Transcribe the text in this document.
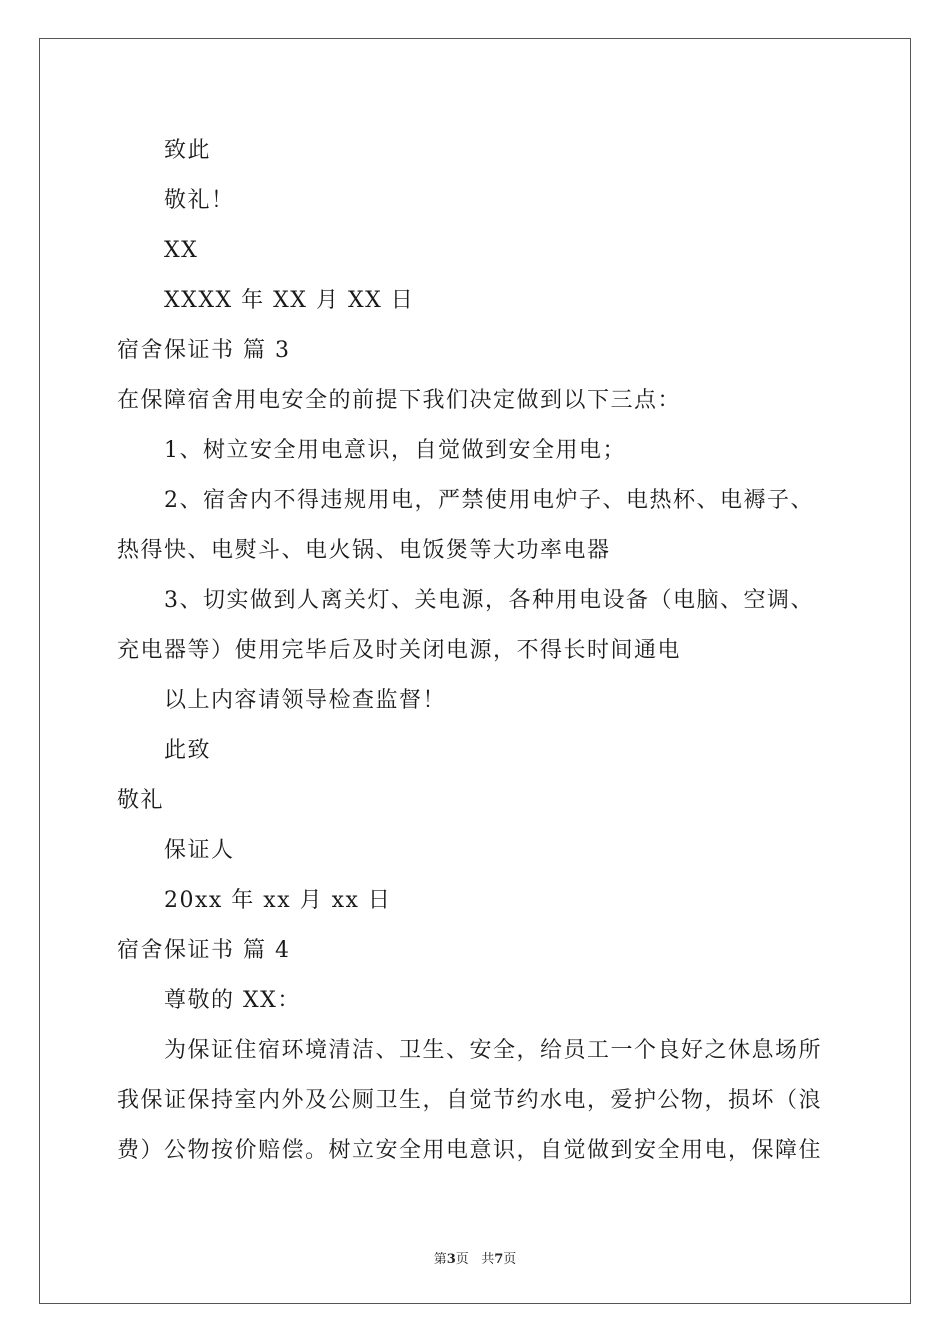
致此
敬礼！
XX
XXXX 年 XX 月 XX 日
宿舍保证书 篇 3
在保障宿舍用电安全的前提下我们决定做到以下三点：
1、树立安全用电意识，自觉做到安全用电；
2、宿舍内不得违规用电，严禁使用电炉子、电热杯、电褥子、
热得快、电熨斗、电火锅、电饭煲等大功率电器
3、切实做到人离关灯、关电源，各种用电设备（电脑、空调、
充电器等）使用完毕后及时关闭电源，不得长时间通电
以上内容请领导检查监督！
此致
敬礼
保证人
20xx 年 xx 月 xx 日
宿舍保证书 篇 4
尊敬的 XX：
为保证住宿环境清洁、卫生、安全，给员工一个良好之休息场所
我保证保持室内外及公厕卫生，自觉节约水电，爱护公物，损坏（浪
费）公物按价赔偿。树立安全用电意识，自觉做到安全用电，保障住
第3页 共7页
